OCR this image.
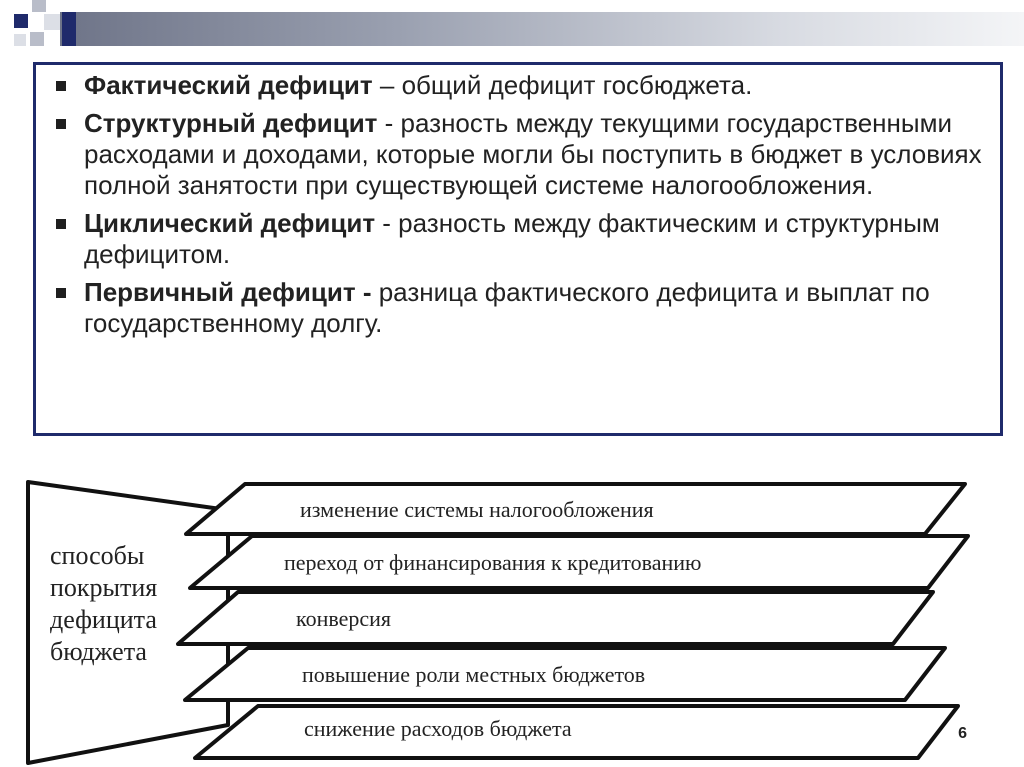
Фактический дефицит – общий дефицит госбюджета.
Структурный дефицит - разность между текущими государственными расходами и доходами, которые могли бы поступить в бюджет в условиях полной занятости при существующей системе налогообложения.
Циклический дефицит - разность между фактическим и структурным дефицитом.
Первичный дефицит - разница фактического дефицита и выплат по государственному долгу.
способы покрытия дефицита бюджета
изменение системы налогообложения
переход от финансирования к кредитованию
конверсия
повышение роли местных бюджетов
снижение расходов бюджета	6
